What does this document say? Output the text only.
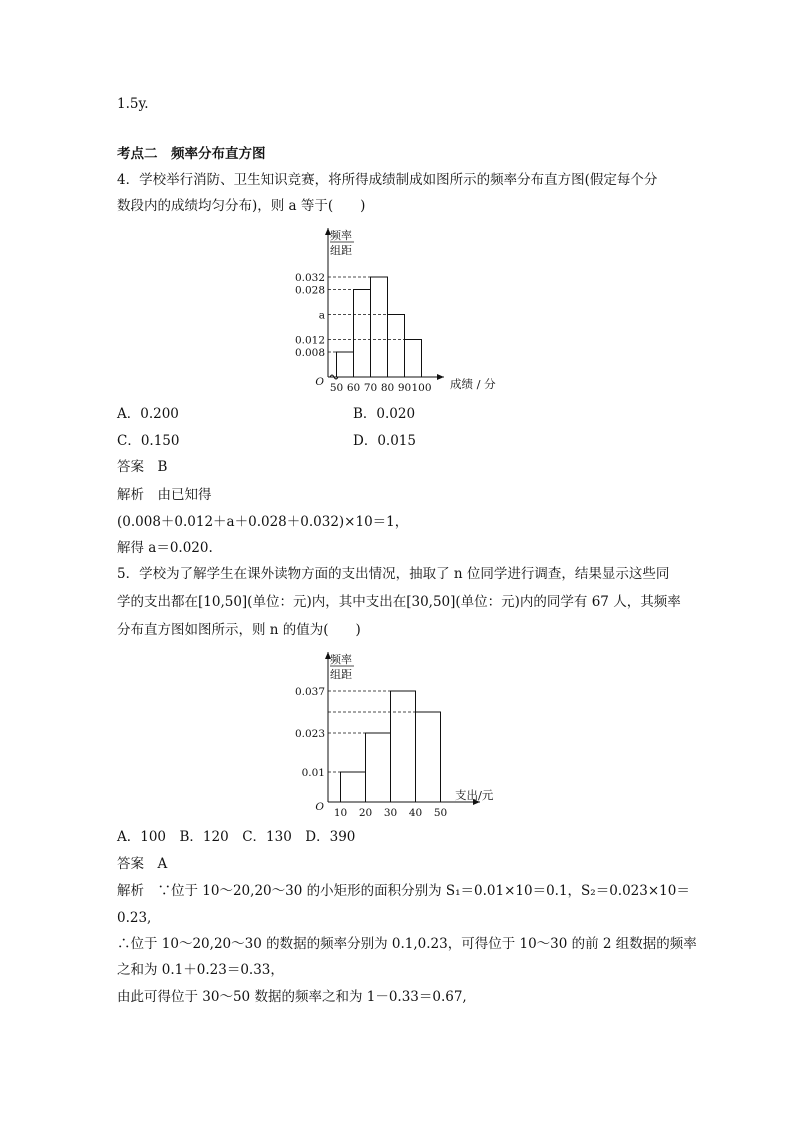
1.5y.
考点二　频率分布直方图
4．学校举行消防、卫生知识竞赛，将所得成绩制成如图所示的频率分布直方图(假定每个分
数段内的成绩均匀分布)，则 a 等于(　　)
频率
组距
0.032
0.028
a
0.012
0.008
50 60 70 80 90 100
O	成绩 / 分
A．0.200	B．0.020
C．0.150	D．0.015
答案　B
解析　由已知得
(0.008＋0.012＋a＋0.028＋0.032)×10＝1，
解得 a＝0.020.
5．学校为了解学生在课外读物方面的支出情况，抽取了 n 位同学进行调查，结果显示这些同
学的支出都在[10,50](单位：元)内，其中支出在[30,50](单位：元)内的同学有 67 人，其频率
分布直方图如图所示，则 n 的值为(　　)
频率
组距
0.037
0.023
0.01
10 20 30 40 50
O
支出/元
A．100　B．120　C．130　D．390
答案　A
解析　∵位于 10～20,20～30 的小矩形的面积分别为 S₁＝0.01×10＝0.1，S₂＝0.023×10＝
0.23,
∴位于 10～20,20～30 的数据的频率分别为 0.1,0.23，可得位于 10～30 的前 2 组数据的频率
之和为 0.1＋0.23＝0.33，
由此可得位于 30～50 数据的频率之和为 1－0.33＝0.67,
